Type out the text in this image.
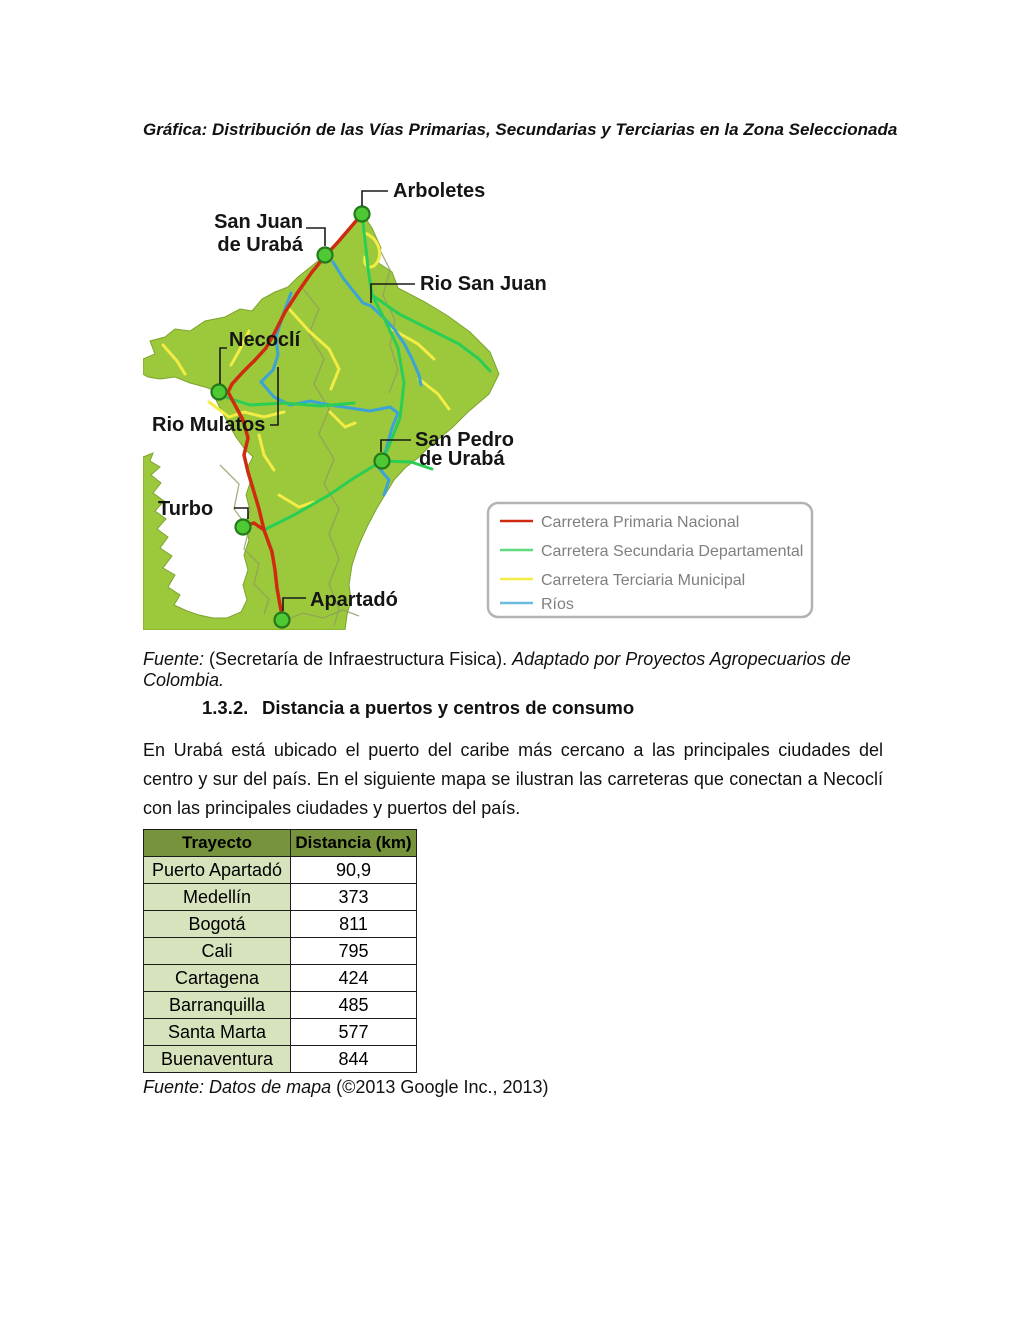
Gráfica: Distribución de las Vías Primarias, Secundarias y Terciarias en la Zona Seleccionada
Arboletes
San Juan
de Urabá
Rio San Juan
Necoclí
Rio Mulatos
San Pedro
de Urabá
Turbo
Apartadó
Carretera Primaria Nacional
Carretera Secundaria Departamental
Carretera Terciaria Municipal
Ríos
Fuente: (Secretaría de Infraestructura Fisica). Adaptado por Proyectos Agropecuarios de Colombia.
1.3.2. Distancia a puertos y centros de consumo
En Urabá está ubicado el puerto del caribe más cercano a las principales ciudades del centro y sur del país. En el siguiente mapa se ilustran las carreteras que conectan a Necoclí con las principales ciudades y puertos del país.
Trayecto	Distancia (km)
Puerto Apartadó	90,9
Medellín	373
Bogotá	811
Cali	795
Cartagena	424
Barranquilla	485
Santa Marta	577
Buenaventura	844
Fuente: Datos de mapa (©2013 Google Inc., 2013)
